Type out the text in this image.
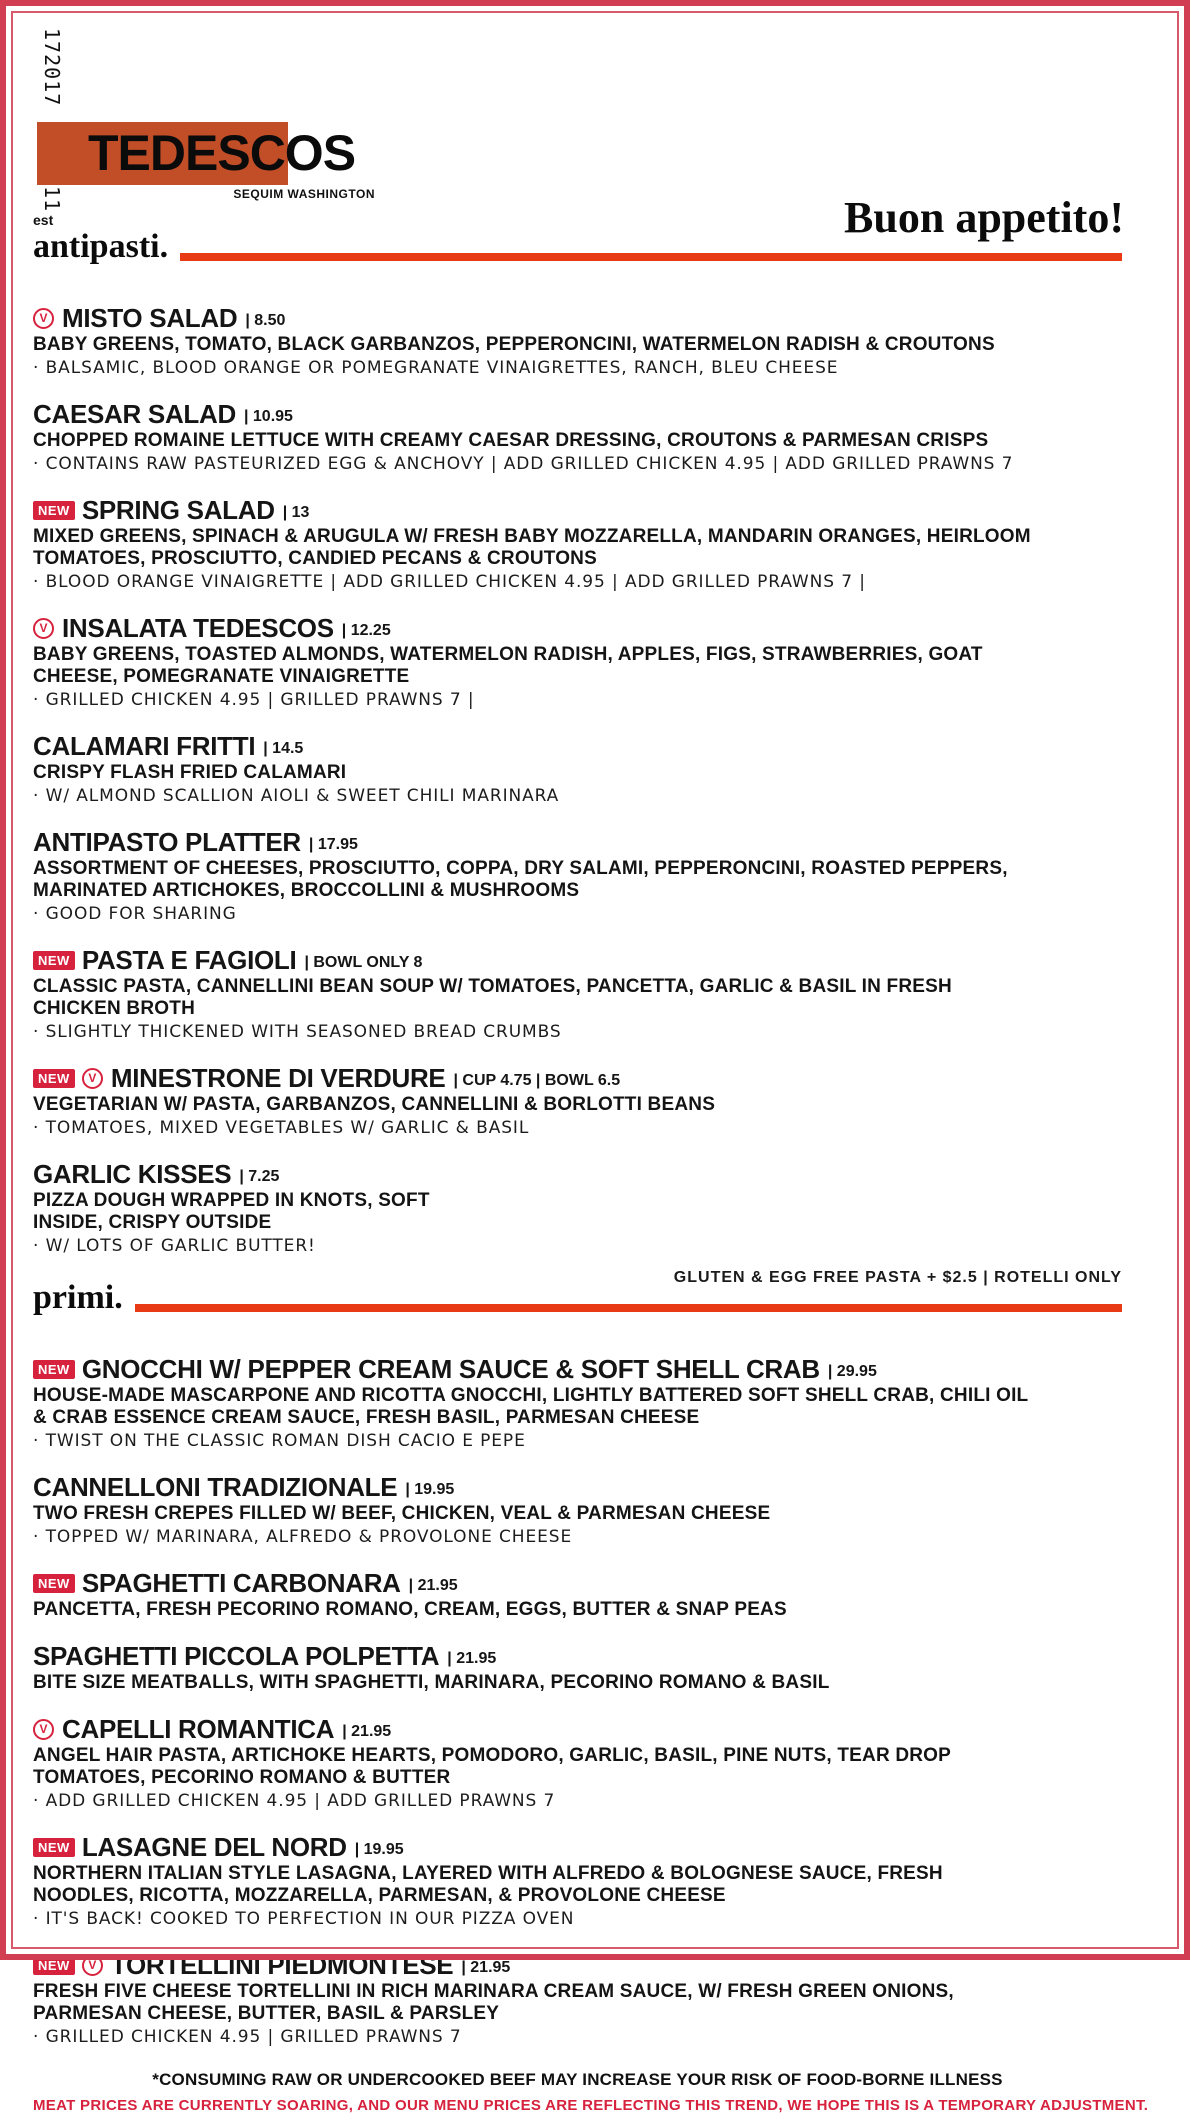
172017
TEDESCOS
SEQUIM WASHINGTON
11
est	Buon appetito!
antipasti.
V MISTO SALAD | 8.50
BABY GREENS, TOMATO, BLACK GARBANZOS, PEPPERONCINI, WATERMELON RADISH & CROUTONS
· BALSAMIC, BLOOD ORANGE OR POMEGRANATE VINAIGRETTES, RANCH, BLEU CHEESE
CAESAR SALAD | 10.95
CHOPPED ROMAINE LETTUCE WITH CREAMY CAESAR DRESSING, CROUTONS & PARMESAN CRISPS
· CONTAINS RAW PASTEURIZED EGG & ANCHOVY | ADD GRILLED CHICKEN 4.95 | ADD GRILLED PRAWNS 7
NEW SPRING SALAD | 13
MIXED GREENS, SPINACH & ARUGULA W/ FRESH BABY MOZZARELLA, MANDARIN ORANGES, HEIRLOOM
TOMATOES, PROSCIUTTO, CANDIED PECANS & CROUTONS
· BLOOD ORANGE VINAIGRETTE | ADD GRILLED CHICKEN 4.95 | ADD GRILLED PRAWNS 7 |
V INSALATA TEDESCOS | 12.25
BABY GREENS, TOASTED ALMONDS, WATERMELON RADISH, APPLES, FIGS, STRAWBERRIES, GOAT
CHEESE, POMEGRANATE VINAIGRETTE
· GRILLED CHICKEN 4.95 | GRILLED PRAWNS 7 |
CALAMARI FRITTI | 14.5
CRISPY FLASH FRIED CALAMARI
· W/ ALMOND SCALLION AIOLI & SWEET CHILI MARINARA
ANTIPASTO PLATTER | 17.95
ASSORTMENT OF CHEESES, PROSCIUTTO, COPPA, DRY SALAMI, PEPPERONCINI, ROASTED PEPPERS,
MARINATED ARTICHOKES, BROCCOLLINI & MUSHROOMS
· GOOD FOR SHARING
NEW PASTA E FAGIOLI | BOWL ONLY 8
CLASSIC PASTA, CANNELLINI BEAN SOUP W/ TOMATOES, PANCETTA, GARLIC & BASIL IN FRESH
CHICKEN BROTH
· SLIGHTLY THICKENED WITH SEASONED BREAD CRUMBS
NEW	V MINESTRONE DI VERDURE | CUP 4.75 | BOWL 6.5
VEGETARIAN W/ PASTA, GARBANZOS, CANNELLINI & BORLOTTI BEANS
· TOMATOES, MIXED VEGETABLES W/ GARLIC & BASIL
GARLIC KISSES | 7.25
PIZZA DOUGH WRAPPED IN KNOTS, SOFT
INSIDE, CRISPY OUTSIDE
· W/ LOTS OF GARLIC BUTTER!
primi.
GLUTEN & EGG FREE PASTA + $2.5 | ROTELLI ONLY
NEW GNOCCHI W/ PEPPER CREAM SAUCE & SOFT SHELL CRAB | 29.95
HOUSE-MADE MASCARPONE AND RICOTTA GNOCCHI, LIGHTLY BATTERED SOFT SHELL CRAB, CHILI OIL
& CRAB ESSENCE CREAM SAUCE, FRESH BASIL, PARMESAN CHEESE
· TWIST ON THE CLASSIC ROMAN DISH CACIO E PEPE
CANNELLONI TRADIZIONALE | 19.95
TWO FRESH CREPES FILLED W/ BEEF, CHICKEN, VEAL & PARMESAN CHEESE
· TOPPED W/ MARINARA, ALFREDO & PROVOLONE CHEESE
NEW SPAGHETTI CARBONARA | 21.95
PANCETTA, FRESH PECORINO ROMANO, CREAM, EGGS, BUTTER & SNAP PEAS
SPAGHETTI PICCOLA POLPETTA | 21.95
BITE SIZE MEATBALLS, WITH SPAGHETTI, MARINARA, PECORINO ROMANO & BASIL
V CAPELLI ROMANTICA | 21.95
ANGEL HAIR PASTA, ARTICHOKE HEARTS, POMODORO, GARLIC, BASIL, PINE NUTS, TEAR DROP
TOMATOES, PECORINO ROMANO & BUTTER
· ADD GRILLED CHICKEN 4.95 | ADD GRILLED PRAWNS 7
NEW LASAGNE DEL NORD | 19.95
NORTHERN ITALIAN STYLE LASAGNA, LAYERED WITH ALFREDO & BOLOGNESE SAUCE, FRESH
NOODLES, RICOTTA, MOZZARELLA, PARMESAN, & PROVOLONE CHEESE
· IT'S BACK! COOKED TO PERFECTION IN OUR PIZZA OVEN
NEW	V TORTELLINI PIEDMONTESE | 21.95
FRESH FIVE CHEESE TORTELLINI IN RICH MARINARA CREAM SAUCE, W/ FRESH GREEN ONIONS,
PARMESAN CHEESE, BUTTER, BASIL & PARSLEY
· GRILLED CHICKEN 4.95 | GRILLED PRAWNS 7
*CONSUMING RAW OR UNDERCOOKED BEEF MAY INCREASE YOUR RISK OF FOOD-BORNE ILLNESS
MEAT PRICES ARE CURRENTLY SOARING, AND OUR MENU PRICES ARE REFLECTING THIS TREND, WE HOPE THIS IS A TEMPORARY ADJUSTMENT.
